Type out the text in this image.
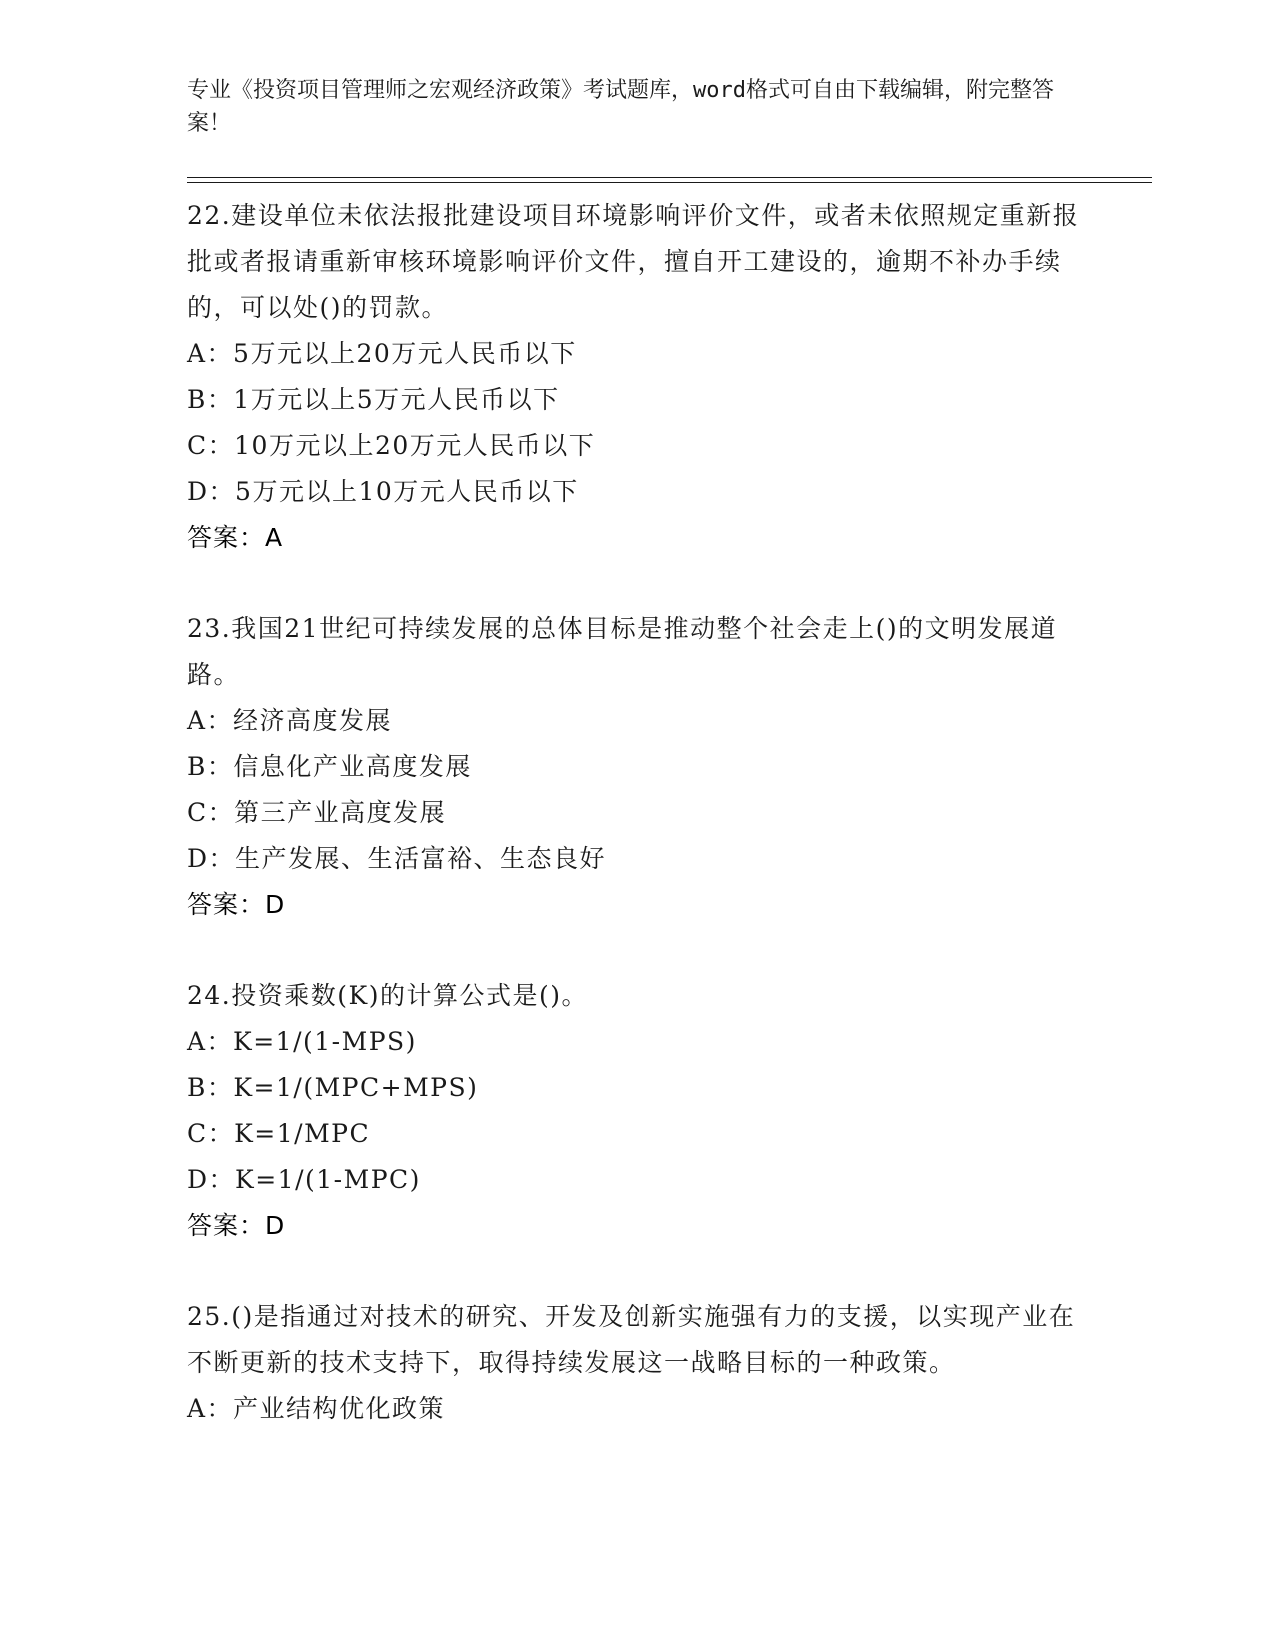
专业《投资项目管理师之宏观经济政策》考试题库，word格式可自由下载编辑，附完整答案！
22.建设单位未依法报批建设项目环境影响评价文件，或者未依照规定重新报批或者报请重新审核环境影响评价文件，擅自开工建设的，逾期不补办手续的，可以处()的罚款。
A：5万元以上20万元人民币以下
B：1万元以上5万元人民币以下
C：10万元以上20万元人民币以下
D：5万元以上10万元人民币以下
答案：A
23.我国21世纪可持续发展的总体目标是推动整个社会走上()的文明发展道路。
A：经济高度发展
B：信息化产业高度发展
C：第三产业高度发展
D：生产发展、生活富裕、生态良好
答案：D
24.投资乘数(K)的计算公式是()。
A：K=1/(1-MPS)
B：K=1/(MPC+MPS)
C：K=1/MPC
D：K=1/(1-MPC)
答案：D
25.()是指通过对技术的研究、开发及创新实施强有力的支援，以实现产业在不断更新的技术支持下，取得持续发展这一战略目标的一种政策。
A：产业结构优化政策
